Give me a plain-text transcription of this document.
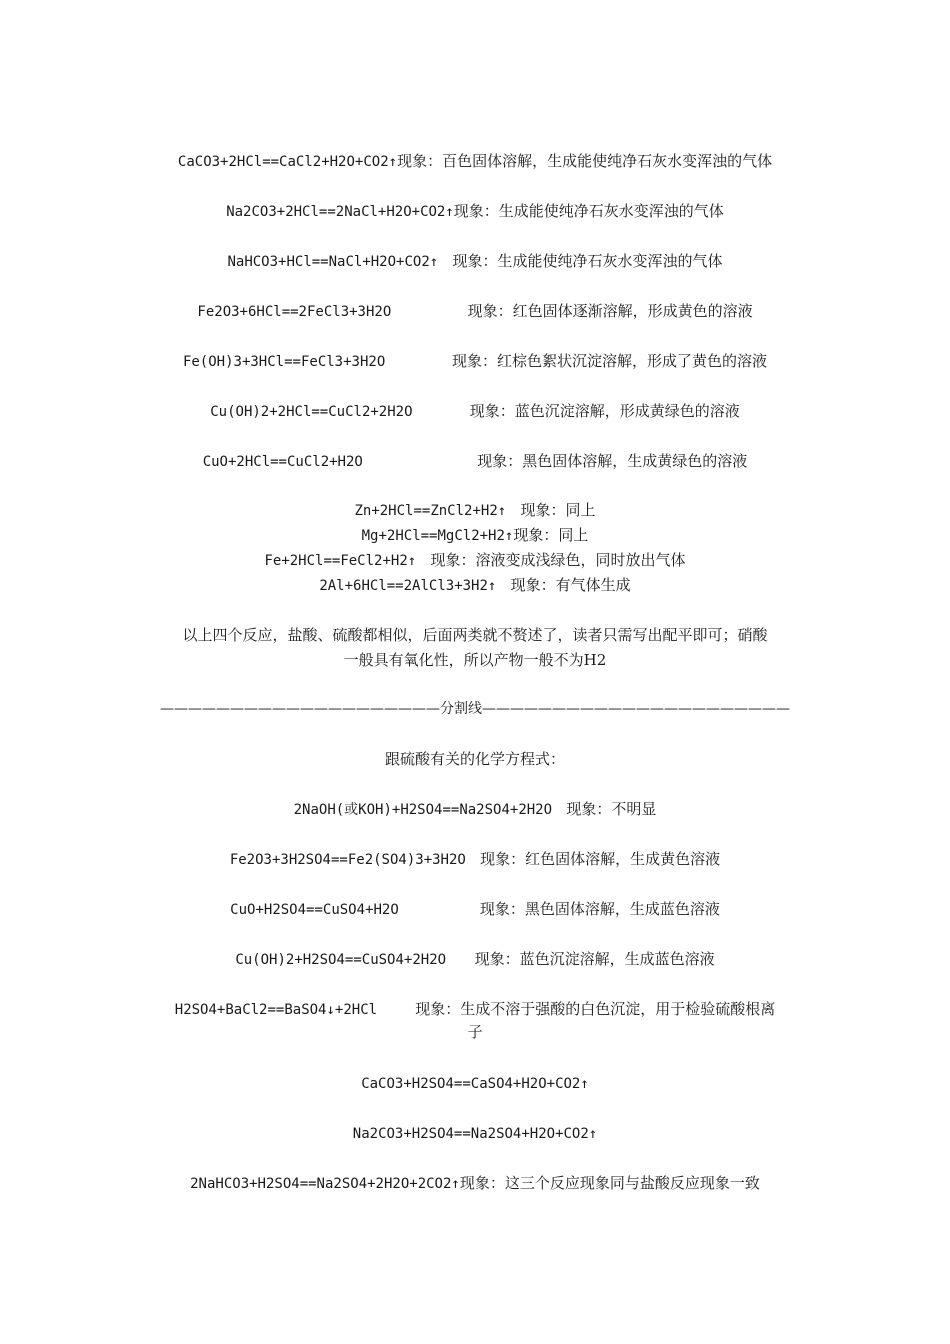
CaCO3+2HCl==CaCl2+H2O+CO2↑现象：百色固体溶解，生成能使纯净石灰水变浑浊的气体
Na2CO3+2HCl==2NaCl+H2O+CO2↑现象：生成能使纯净石灰水变浑浊的气体
NaHCO3+HCl==NaCl+H2O+CO2↑ 现象：生成能使纯净石灰水变浑浊的气体
Fe2O3+6HCl==2FeCl3+3H2O	现象：红色固体逐渐溶解，形成黄色的溶液
Fe(OH)3+3HCl==FeCl3+3H2O	现象：红棕色絮状沉淀溶解，形成了黄色的溶液
Cu(OH)2+2HCl==CuCl2+2H2O	现象：蓝色沉淀溶解，形成黄绿色的溶液
CuO+2HCl==CuCl2+H2O	现象：黑色固体溶解，生成黄绿色的溶液
Zn+2HCl==ZnCl2+H2↑ 现象：同上
Mg+2HCl==MgCl2+H2↑现象：同上
Fe+2HCl==FeCl2+H2↑ 现象：溶液变成浅绿色，同时放出气体
2Al+6HCl==2AlCl3+3H2↑ 现象：有气体生成
以上四个反应，盐酸、硫酸都相似，后面两类就不赘述了，读者只需写出配平即可；硝酸
一般具有氧化性，所以产物一般不为H2
————————————————————分割线——————————————————————
跟硫酸有关的化学方程式：
2NaOH(或KOH)+H2SO4==Na2SO4+2H2O 现象：不明显
Fe2O3+3H2SO4==Fe2(SO4)3+3H2O 现象：红色固体溶解，生成黄色溶液
CuO+H2SO4==CuSO4+H2O	现象：黑色固体溶解，生成蓝色溶液
Cu(OH)2+H2SO4==CuSO4+2H2O 现象：蓝色沉淀溶解，生成蓝色溶液
H2SO4+BaCl2==BaSO4↓+2HCl	现象：生成不溶于强酸的白色沉淀，用于检验硫酸根离
子
CaCO3+H2SO4==CaSO4+H2O+CO2↑
Na2CO3+H2SO4==Na2SO4+H2O+CO2↑
2NaHCO3+H2SO4==Na2SO4+2H2O+2CO2↑现象：这三个反应现象同与盐酸反应现象一致
